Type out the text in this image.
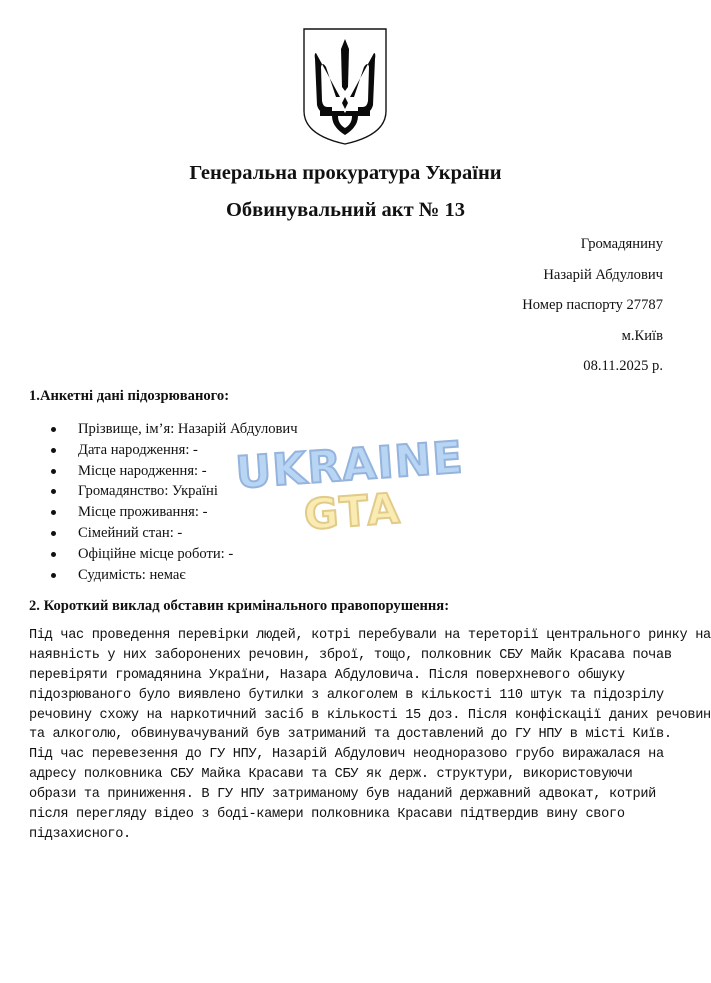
Генеральна прокуратура України
Обвинувальний акт № 13
Громадянину
Назарій Абдулович
Номер паспорту 27787
м.Київ
08.11.2025 р.
1.Анкетні дані підозрюваного:
Прізвище, ім’я: Назарій Абдулович
Дата народження: -
Місце народження: -
Громадянство: Україні
Місце проживання: -
Сімейний стан: -
Офіційне місце роботи: -
Судимість: немає
2. Короткий виклад обставин кримінального правопорушення:
Під час проведення перевірки людей, котрі перебували на тереторії центрального ринку на
наявність у них заборонених речовин, зброї, тощо, полковник СБУ Майк Красава почав
перевіряти громадянина України, Назара Абдуловича. Після поверхневого обшуку
підозрюваного було виявлено бутилки з алкоголем в кількості 110 штук та підозрілу
речовину схожу на наркотичний засіб в кількості 15 доз. Після конфіскації даних речовин
та алкоголю, обвинувачуваний був затриманий та доставлений до ГУ НПУ в місті Київ.
Під час перевезення до ГУ НПУ, Назарій Абдулович неодноразово грубо виражалася на
адресу полковника СБУ Майка Красави та СБУ як держ. структури, використовуючи
образи та приниження. В ГУ НПУ затриманому був наданий державний адвокат, котрий
після перегляду відео з боді-камери полковника Красави підтвердив вину свого
підзахисного.
UKRAINE
GTA
